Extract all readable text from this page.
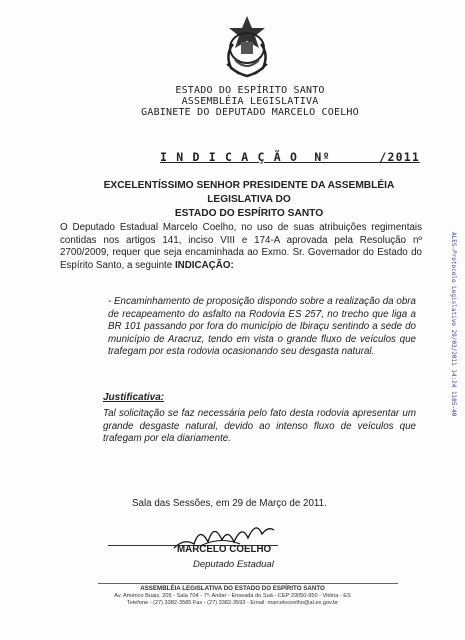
ESTADO DO ESPÍRITO SANTO
ASSEMBLÉIA LEGISLATIVA
GABINETE DO DEPUTADO MARCELO COELHO
I N D I C A Ç Ã O  Nº      /2011
EXCELENTÍSSIMO SENHOR PRESIDENTE DA ASSEMBLÉIA LEGISLATIVA DO
ESTADO DO ESPÍRITO SANTO
O Deputado Estadual Marcelo Coelho, no uso de suas atribuições regimentais contidas nos artigos 141, inciso VIII e 174-A aprovada pela Resolução nº 2700/2009, requer que seja encaminhada ao Exmo. Sr. Governador do Estado do Espírito Santo, a seguinte INDICAÇÃO:
- Encaminhamento de proposição dispondo sobre a realização da obra de recapeamento do asfalto na Rodovia ES 257, no trecho que liga a BR 101 passando por fora do município de Ibiraçu sentindo a sede do município de Aracruz, tendo em vista o grande fluxo de veículos que trafegam por esta rodovia ocasionando seu desgasta natural.
Justificativa:
Tal solicitação se faz necessária pelo fato desta rodovia apresentar um grande desgaste natural, devido ao intenso fluxo de veículos que trafegam por ela diariamente.
Sala das Sessões, em 29 de Março de 2011.
MARCELO COELHO
Deputado Estadual
ASSEMBLÉIA LEGISLATIVA DO ESTADO DO ESPÍRITO SANTO
Av. Américo Buaiz, 205 - Sala 704 - 7º. Andar - Enseada do Suá - CEP:29050-950 - Vitória - ES
Telefone - (27) 3382-3585 Fax - (27) 3382-3593 - Email: marcelocoelho@al.es.gov.br
ALES-Protocolo Legislativo 29/03/2011 14:24 1105-40
